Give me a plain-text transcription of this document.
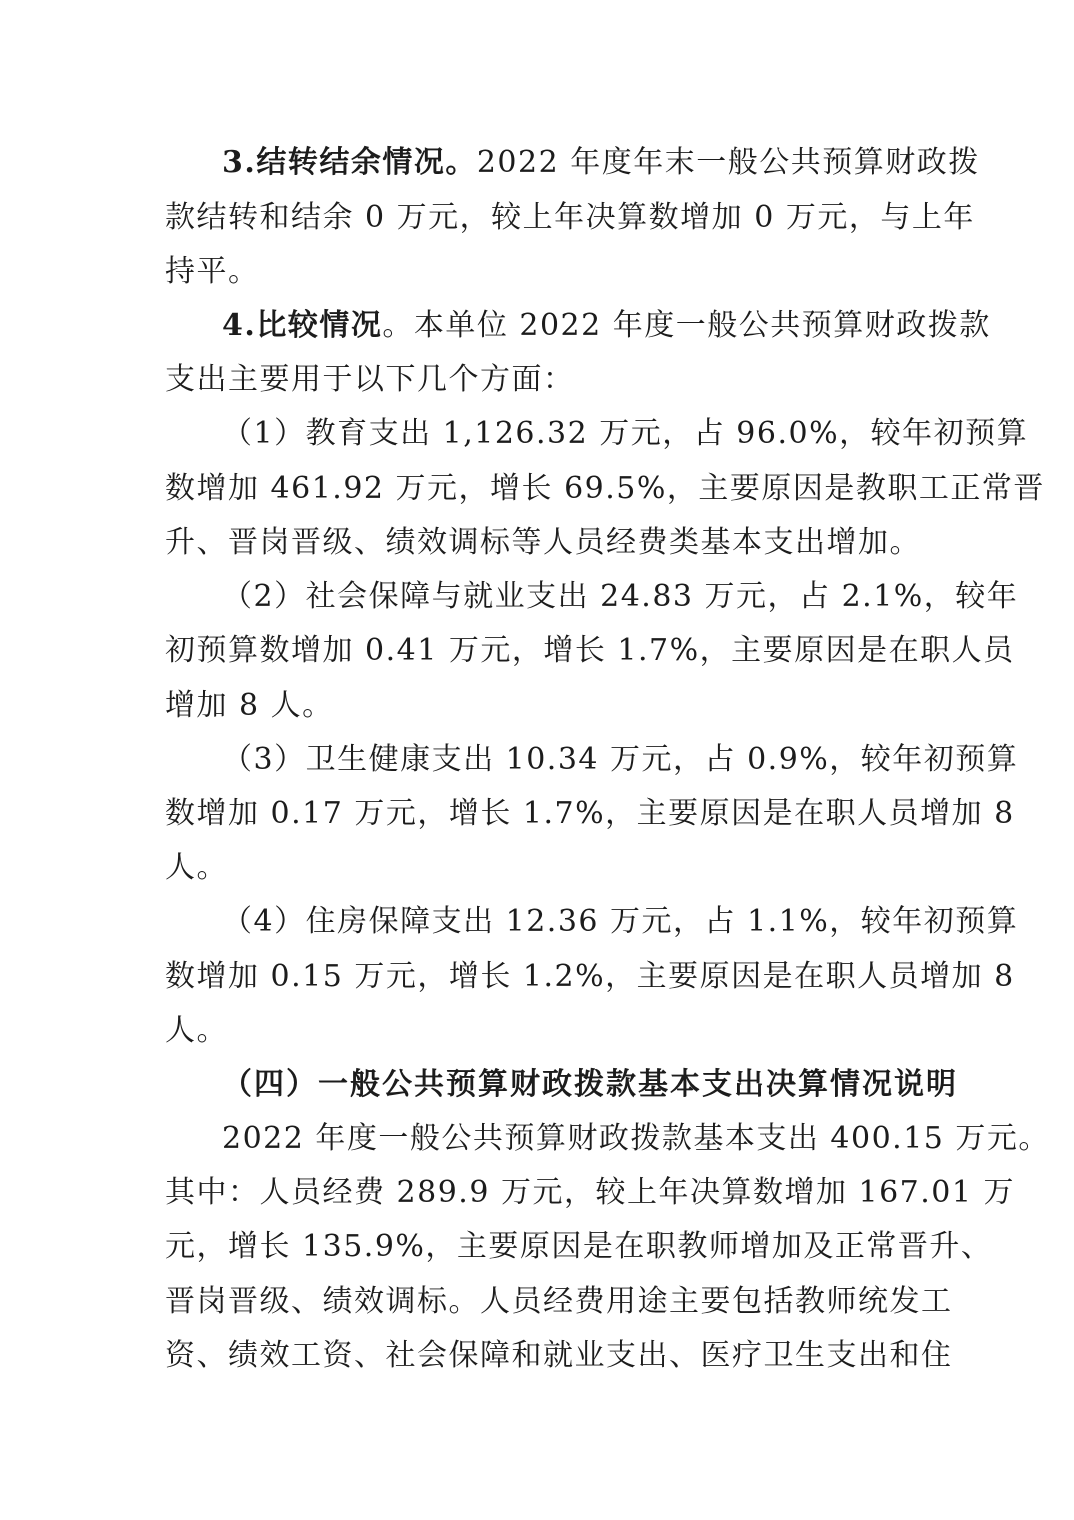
3.结转结余情况。2022 年度年末一般公共预算财政拨
款结转和结余 0 万元，较上年决算数增加 0 万元，与上年
持平。
4.比较情况。本单位 2022 年度一般公共预算财政拨款
支出主要用于以下几个方面：
（1）教育支出 1,126.32 万元，占 96.0%，较年初预算
数增加 461.92 万元，增长 69.5%，主要原因是教职工正常晋
升、晋岗晋级、绩效调标等人员经费类基本支出增加。
（2）社会保障与就业支出 24.83 万元，占 2.1%，较年
初预算数增加 0.41 万元，增长 1.7%，主要原因是在职人员
增加 8 人。
（3）卫生健康支出 10.34 万元，占 0.9%，较年初预算
数增加 0.17 万元，增长 1.7%，主要原因是在职人员增加 8
人。
（4）住房保障支出 12.36 万元，占 1.1%，较年初预算
数增加 0.15 万元，增长 1.2%，主要原因是在职人员增加 8
人。
（四）一般公共预算财政拨款基本支出决算情况说明
2022 年度一般公共预算财政拨款基本支出 400.15 万元。
其中：人员经费 289.9 万元，较上年决算数增加 167.01 万
元，增长 135.9%，主要原因是在职教师增加及正常晋升、
晋岗晋级、绩效调标。人员经费用途主要包括教师统发工
资、绩效工资、社会保障和就业支出、医疗卫生支出和住
